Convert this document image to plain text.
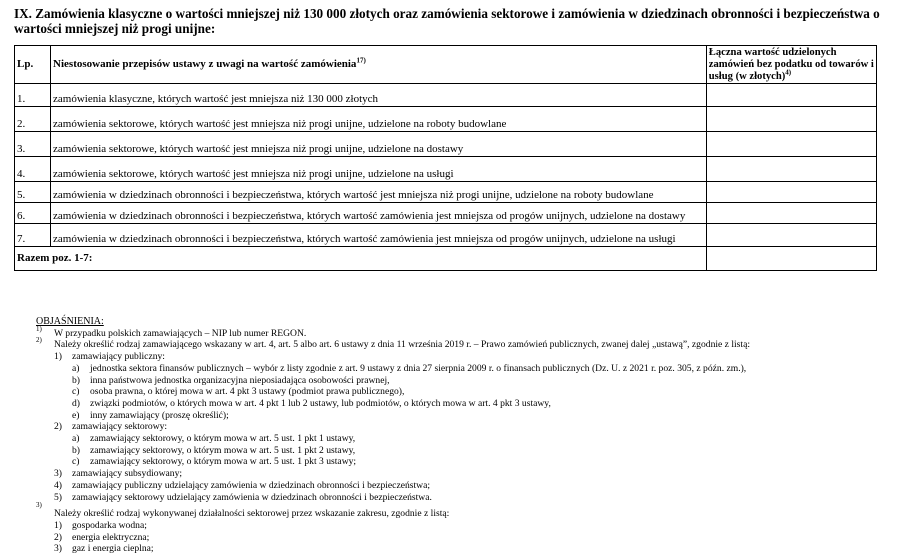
IX. Zamówienia klasyczne o wartości mniejszej niż 130 000 złotych oraz zamówienia sektorowe i zamówienia w dziedzinach obronności i bezpieczeństwa o wartości mniejszej niż progi unijne:
Lp.	Niestosowanie przepisów ustawy z uwagi na wartość zamówienia$^{17)}$	Łączna wartość udzielonych zamówień bez podatku od towarów i usług (w złotych)$^{4)}$
1.	zamówienia klasyczne, których wartość jest mniejsza niż 130 000 złotych	
2.	zamówienia sektorowe, których wartość jest mniejsza niż progi unijne, udzielone na roboty budowlane	
3.	zamówienia sektorowe, których wartość jest mniejsza niż progi unijne, udzielone na dostawy	
4.	zamówienia sektorowe, których wartość jest mniejsza niż progi unijne, udzielone na usługi	
5.	zamówienia w dziedzinach obronności i bezpieczeństwa, których wartość jest mniejsza niż progi unijne, udzielone na roboty budowlane	
6.	zamówienia w dziedzinach obronności i bezpieczeństwa, których wartość zamówienia jest mniejsza od progów unijnych, udzielone na dostawy	
7.	zamówienia w dziedzinach obronności i bezpieczeństwa, których wartość zamówienia jest mniejsza od progów unijnych, udzielone na usługi	
Razem poz. 1-7:		
OBJAŚNIENIA:
1) W przypadku polskich zamawiających – NIP lub numer REGON.
2) Należy określić rodzaj zamawiającego wskazany w art. 4, art. 5 albo art. 6 ustawy z dnia 11 września 2019 r. – Prawo zamówień publicznych, zwanej dalej „ustawą”, zgodnie z listą:
1) zamawiający publiczny:
a) jednostka sektora finansów publicznych – wybór z listy zgodnie z art. 9 ustawy z dnia 27 sierpnia 2009 r. o finansach publicznych (Dz. U. z 2021 r. poz. 305, z późn. zm.),
b) inna państwowa jednostka organizacyjna nieposiadająca osobowości prawnej,
c) osoba prawna, o której mowa w art. 4 pkt 3 ustawy (podmiot prawa publicznego),
d) związki podmiotów, o których mowa w art. 4 pkt 1 lub 2 ustawy, lub podmiotów, o których mowa w art. 4 pkt 3 ustawy,
e) inny zamawiający (proszę określić);
2) zamawiający sektorowy:
a) zamawiający sektorowy, o którym mowa w art. 5 ust. 1 pkt 1 ustawy,
b) zamawiający sektorowy, o którym mowa w art. 5 ust. 1 pkt 2 ustawy,
c) zamawiający sektorowy, o którym mowa w art. 5 ust. 1 pkt 3 ustawy;
3) zamawiający subsydiowany;
4) zamawiający publiczny udzielający zamówienia w dziedzinach obronności i bezpieczeństwa;
5) zamawiający sektorowy udzielający zamówienia w dziedzinach obronności i bezpieczeństwa.
3)
Należy określić rodzaj wykonywanej działalności sektorowej przez wskazanie zakresu, zgodnie z listą:
1) gospodarka wodna;
2) energia elektryczna;
3) gaz i energia cieplna;
